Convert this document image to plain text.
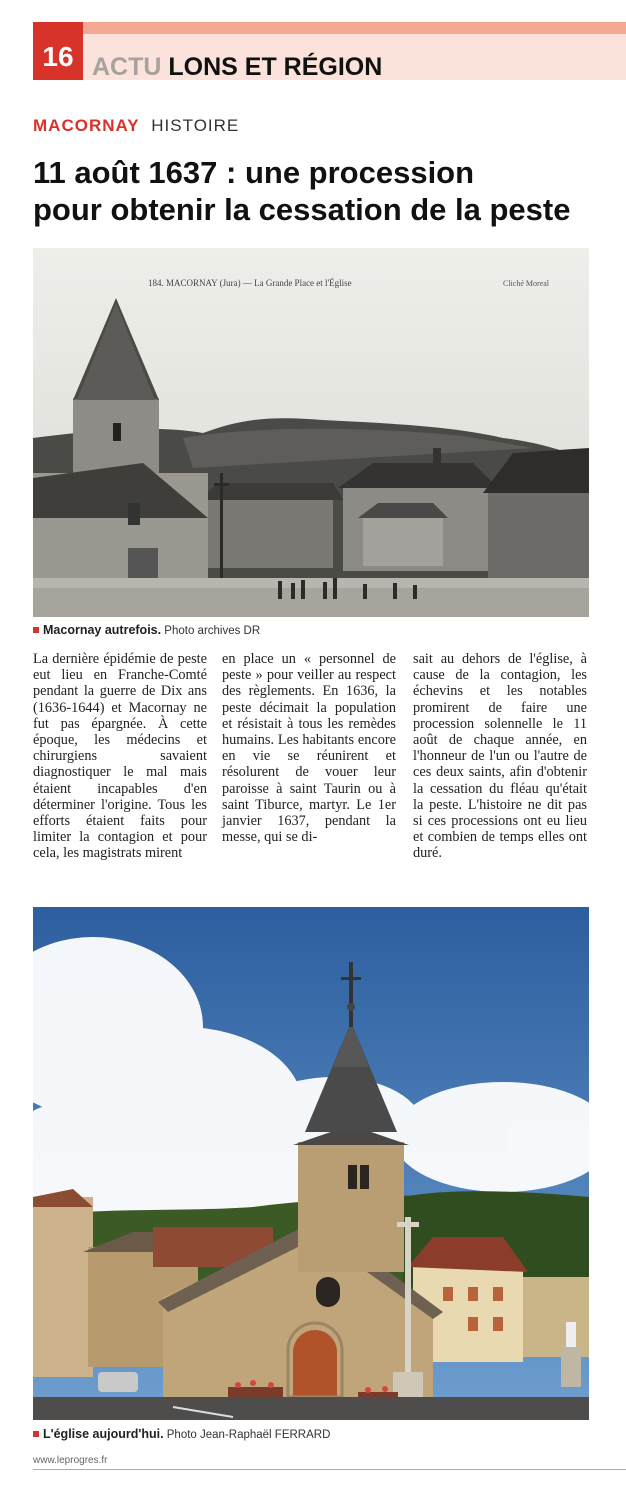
16 ACTU LONS ET RÉGION
MACORNAY HISTOIRE
11 août 1637 : une procession
pour obtenir la cessation de la peste
184. MACORNAY (Jura) — La Grande Place et l'Église	Cliché Moreal
Macornay autrefois. Photo archives DR

La dernière épidémie de peste eut lieu en Franche-Comté pendant la guerre de Dix ans (1636-1644) et Macornay ne fut pas épargnée. À cette époque, les médecins et chirurgiens savaient diagnostiquer le mal mais étaient incapables d'en déterminer l'origine. Tous les efforts étaient faits pour limiter la contagion et pour cela, les magistrats mirent

en place un « personnel de peste » pour veiller au respect des règlements. En 1636, la peste décimait la population et résistait à tous les remèdes humains. Les habitants encore en vie se réunirent et résolurent de vouer leur paroisse à saint Taurin ou à saint Tiburce, martyr. Le 1er janvier 1637, pendant la messe, qui se di-

sait au dehors de l'église, à cause de la contagion, les échevins et les notables promirent de faire une procession solennelle le 11 août de chaque année, en l'honneur de l'un ou l'autre de ces deux saints, afin d'obtenir la cessation du fléau qu'était la peste. L'histoire ne dit pas si ces processions ont eu lieu et combien de temps elles ont duré.

L'église aujourd'hui. Photo Jean-Raphaël FERRARD
www.leprogres.fr
